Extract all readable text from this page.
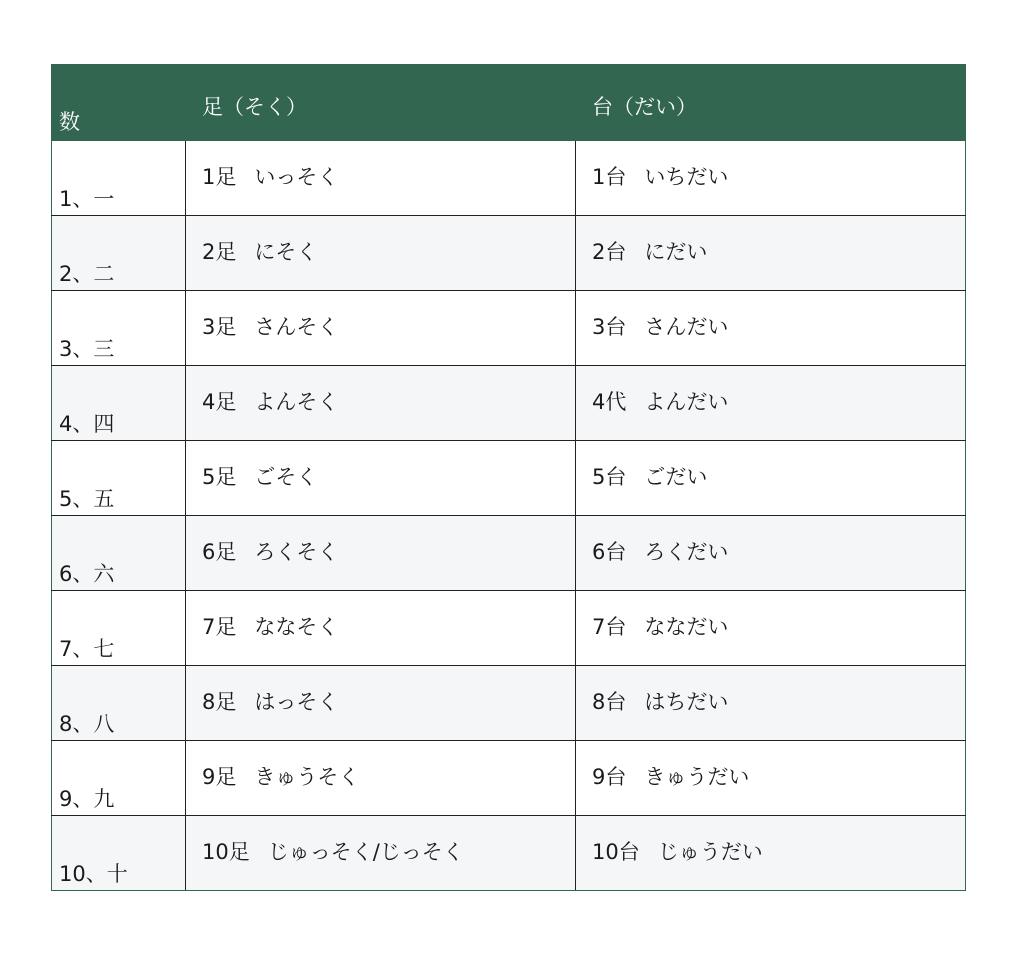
数	足（そく）	台（だい）
1、一	1足 いっそく	1台 いちだい
2、二	2足 にそく	2台 にだい
3、三	3足 さんそく	3台 さんだい
4、四	4足 よんそく	4代 よんだい
5、五	5足 ごそく	5台 ごだい
6、六	6足 ろくそく	6台 ろくだい
7、七	7足 ななそく	7台 ななだい
8、八	8足 はっそく	8台 はちだい
9、九	9足 きゅうそく	9台 きゅうだい
10、十	10足 じゅっそく/じっそく	10台 じゅうだい
